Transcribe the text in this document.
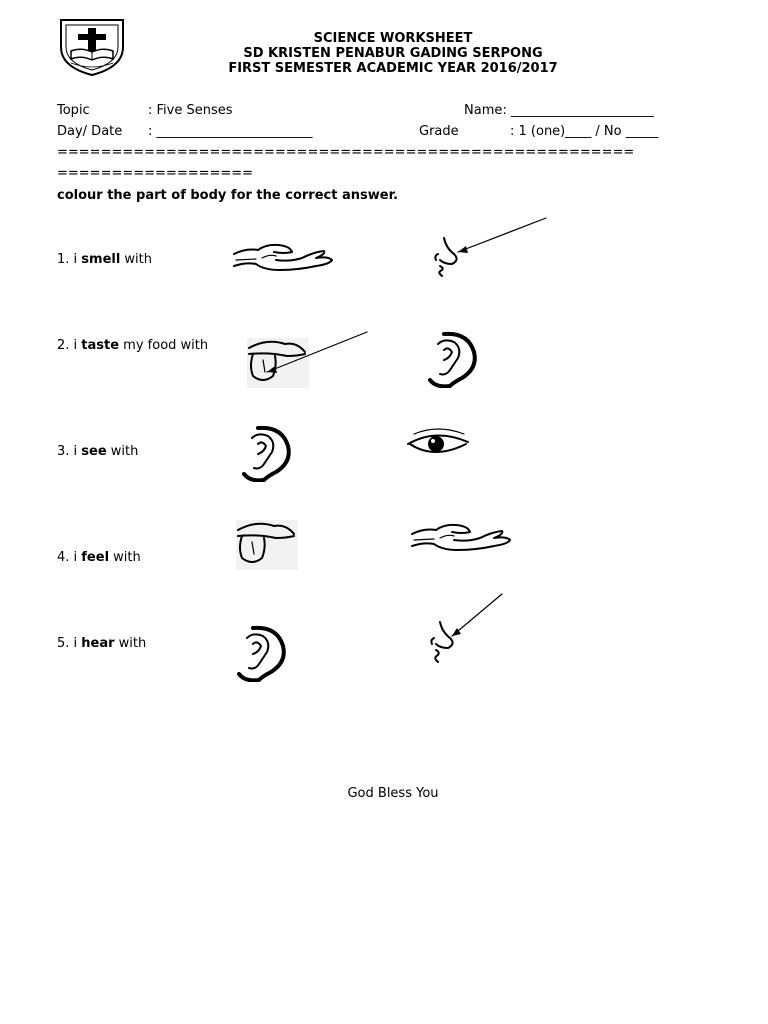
SCIENCE WORKSHEET
SD KRISTEN PENABUR GADING SERPONG
FIRST SEMESTER ACADEMIC YEAR 2016/2017
Topic	: Five Senses	Name: ______________________
Day/ Date : ________________________	Grade	: 1 (one)____ / No _____
=====================================================
==================
colour the part of body for the correct answer.
1. i smell with
2. i taste my food with
3. i see with
4. i feel with
5. i hear with
God Bless You
